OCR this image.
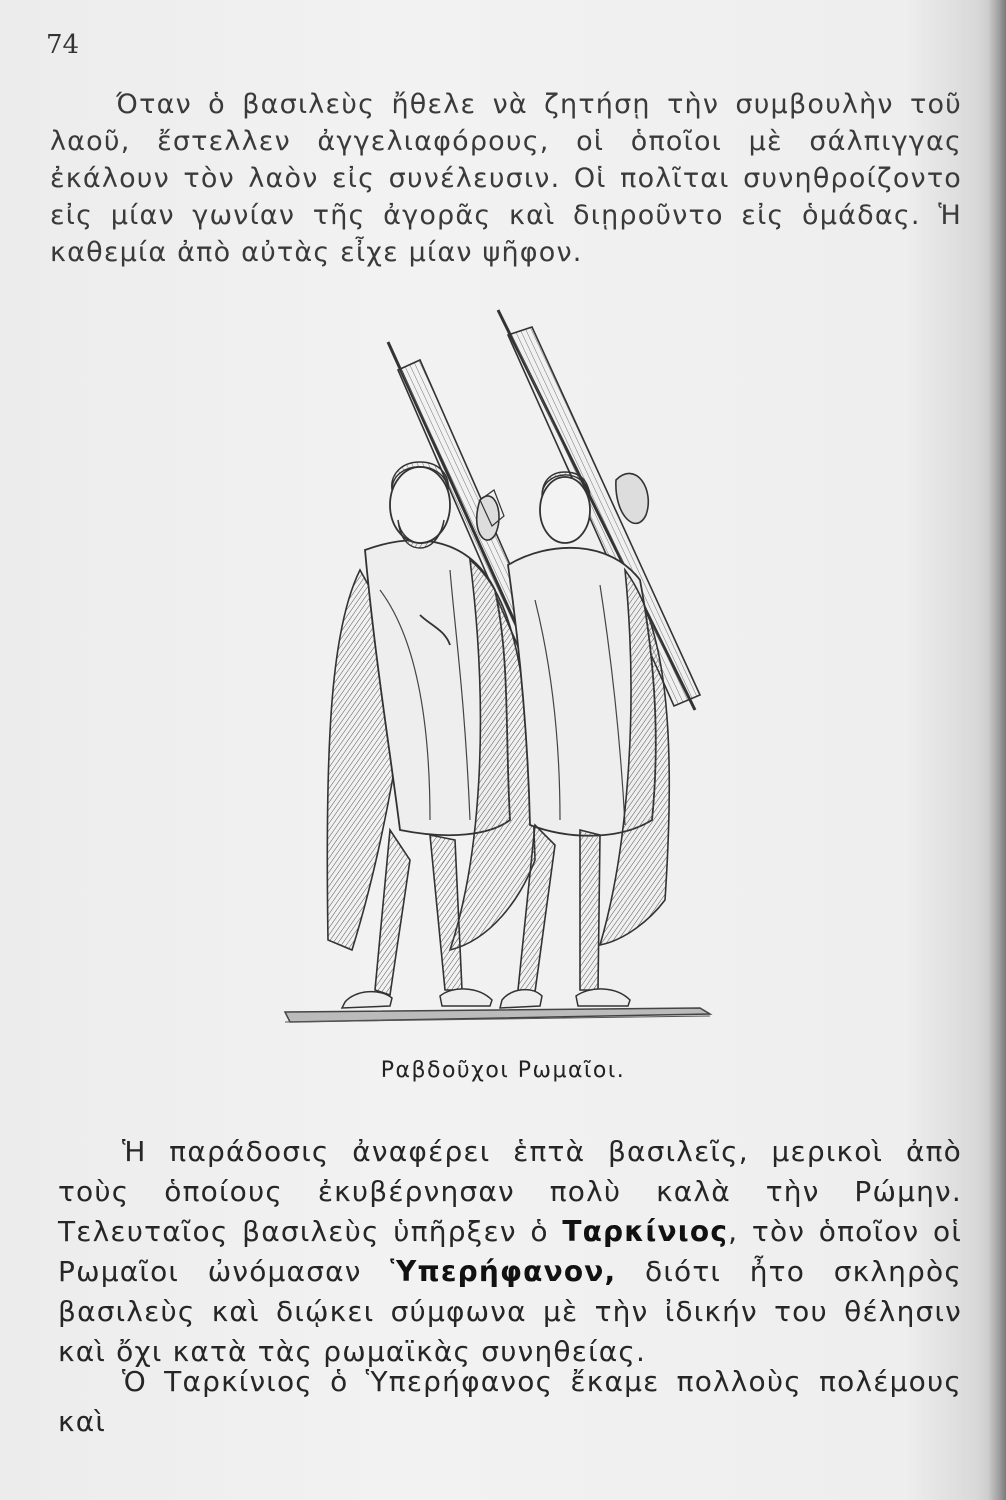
74

Όταν ὁ βασιλεὺς ἤθελε νὰ ζητήσῃ τὴν συμβουλὴν τοῦ λαοῦ, ἔστελλεν ἀγγελιαφόρους, οἱ ὁποῖοι μὲ σάλπιγγας ἐκάλουν τὸν λαὸν εἰς συνέλευσιν. Οἱ πολῖται συνηθροίζοντο εἰς μίαν γωνίαν τῆς ἀγορᾶς καὶ διῃροῦντο εἰς ὁμάδας. Ἡ καθεμία ἀπὸ αὐτὰς εἶχε μίαν ψῆφον.

Ραβδοῦχοι Ρωμαῖοι.

Ἡ παράδοσις ἀναφέρει ἑπτὰ βασιλεῖς, μερικοὶ ἀπὸ τοὺς ὁποίους ἐκυβέρνησαν πολὺ καλὰ τὴν Ρώμην. Τελευταῖος βασιλεὺς ὑπῆρξεν ὁ Ταρκίνιος, τὸν ὁποῖον οἱ Ρωμαῖοι ὠνόμασαν Ὑπερήφανον, διότι ἦτο σκληρὸς βασιλεὺς καὶ διῴκει σύμφωνα μὲ τὴν ἰδικήν του θέλησιν καὶ ὄχι κατὰ τὰς ρωμαϊκὰς συνηθείας.

Ὁ Ταρκίνιος ὁ Ὑπερήφανος ἔκαμε πολλοὺς πολέμους καὶ
